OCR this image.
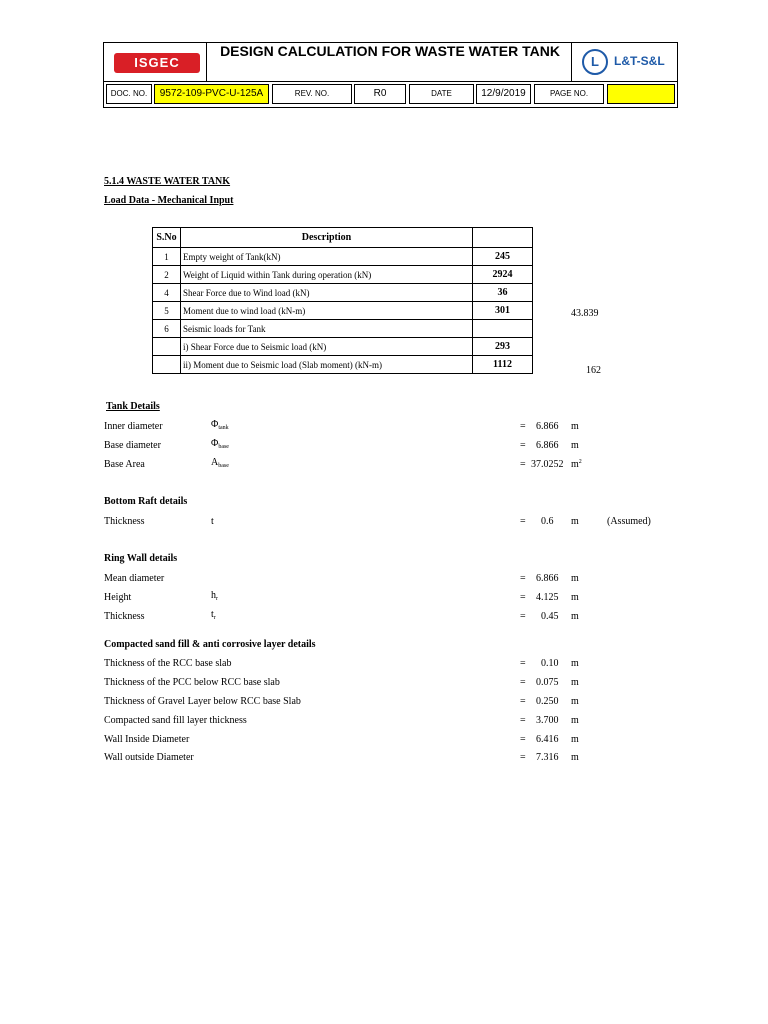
ISGEC
DESIGN CALCULATION FOR WASTE WATER TANK
L	L&T-S&L
DOC. NO.	9572-109-PVC-U-125A	REV. NO.	R0	DATE	12/9/2019	PAGE NO.
5.1.4 WASTE WATER TANK
Load Data - Mechanical Input
S.No	Description	
1	Empty weight of Tank(kN)	245
2	Weight of Liquid within Tank during operation (kN)	2924
4	Shear Force due to Wind load (kN)	36
5	Moment due to wind load (kN-m)	301
6	Seismic loads for Tank	
	i) Shear Force due to Seismic load (kN)	293
	ii) Moment due to Seismic load (Slab moment) (kN-m)	1112
43.839
162
Tank Details
Inner diameter	$\Phi_{tank}$	= 6.866 m
Base diameter	$\Phi_{base}$	= 6.866 m
Base Area	$A_{base}$	= 37.0252 $m^2$
Bottom Raft details
Thickness	t	= 0.6 m	(Assumed)
Ring Wall details
Mean diameter	= 6.866 m
Height	$h_r$	= 4.125 m
Thickness	$t_r$	= 0.45 m
Compacted sand fill & anti corrosive layer details
Thickness of the RCC base slab	= 0.10 m
Thickness of the PCC below RCC base slab	= 0.075 m
Thickness of Gravel Layer below RCC base Slab	= 0.250 m
Compacted sand fill layer thickness	= 3.700 m
Wall Inside Diameter	= 6.416 m
Wall outside Diameter	= 7.316 m
